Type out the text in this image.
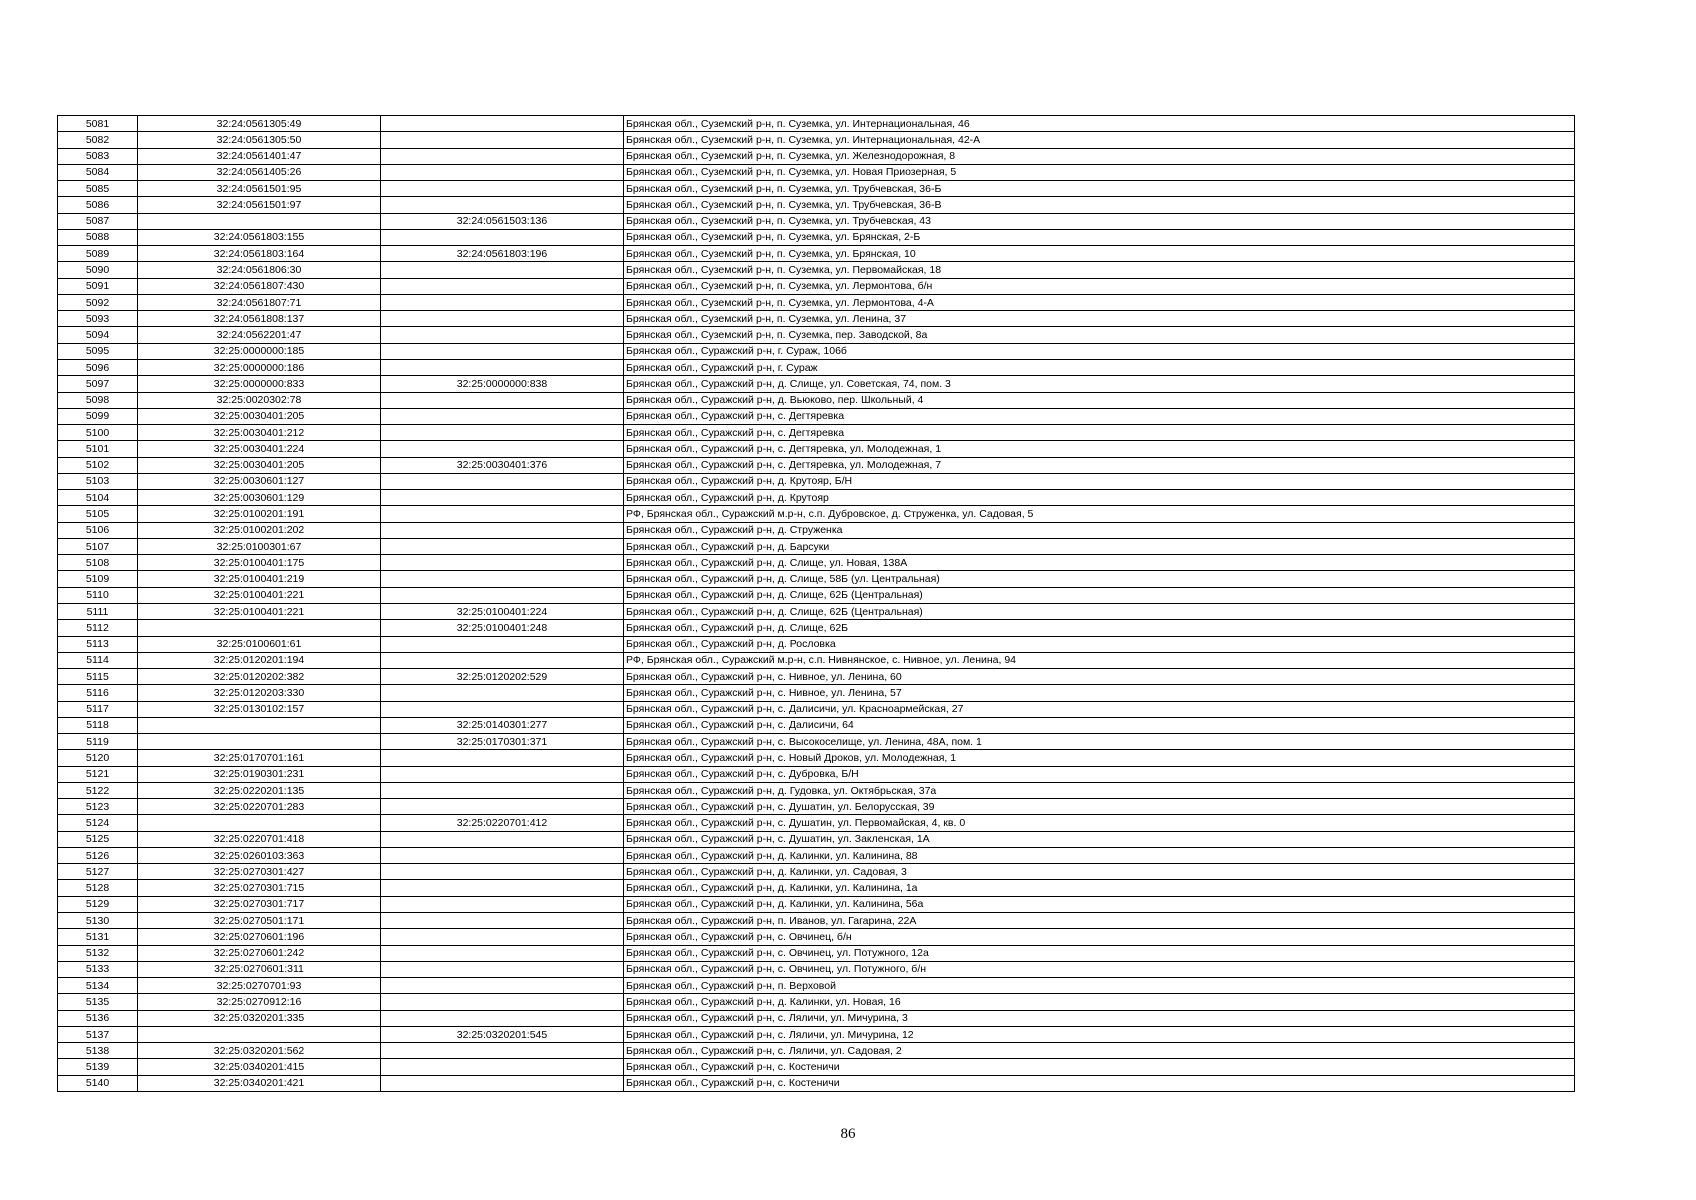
5081	32:24:0561305:49		Брянская обл., Суземский р-н, п. Суземка, ул. Интернациональная, 46
5082	32:24:0561305:50		Брянская обл., Суземский р-н, п. Суземка, ул. Интернациональная, 42-А
5083	32:24:0561401:47		Брянская обл., Суземский р-н, п. Суземка, ул. Железнодорожная, 8
5084	32:24:0561405:26		Брянская обл., Суземский р-н, п. Суземка, ул. Новая Приозерная, 5
5085	32:24:0561501:95		Брянская обл., Суземский р-н, п. Суземка, ул. Трубчевская, 36-Б
5086	32:24:0561501:97		Брянская обл., Суземский р-н, п. Суземка, ул. Трубчевская, 36-В
5087		32:24:0561503:136	Брянская обл., Суземский р-н, п. Суземка, ул. Трубчевская, 43
5088	32:24:0561803:155		Брянская обл., Суземский р-н, п. Суземка, ул. Брянская, 2-Б
5089	32:24:0561803:164	32:24:0561803:196	Брянская обл., Суземский р-н, п. Суземка, ул. Брянская, 10
5090	32:24:0561806:30		Брянская обл., Суземский р-н, п. Суземка, ул. Первомайская, 18
5091	32:24:0561807:430		Брянская обл., Суземский р-н, п. Суземка, ул. Лермонтова, б/н
5092	32:24:0561807:71		Брянская обл., Суземский р-н, п. Суземка, ул. Лермонтова, 4-А
5093	32:24:0561808:137		Брянская обл., Суземский р-н, п. Суземка, ул. Ленина, 37
5094	32:24:0562201:47		Брянская обл., Суземский р-н, п. Суземка, пер. Заводской, 8а
5095	32:25:0000000:185		Брянская обл., Суражский р-н, г. Сураж, 106б
5096	32:25:0000000:186		Брянская обл., Суражский р-н, г. Сураж
5097	32:25:0000000:833	32:25:0000000:838	Брянская обл., Суражский р-н, д. Слище, ул. Советская, 74, пом. 3
5098	32:25:0020302:78		Брянская обл., Суражский р-н, д. Вьюково, пер. Школьный, 4
5099	32:25:0030401:205		Брянская обл., Суражский р-н, с. Дегтяревка
5100	32:25:0030401:212		Брянская обл., Суражский р-н, с. Дегтяревка
5101	32:25:0030401:224		Брянская обл., Суражский р-н, с. Дегтяревка, ул. Молодежная, 1
5102	32:25:0030401:205	32:25:0030401:376	Брянская обл., Суражский р-н, с. Дегтяревка, ул. Молодежная, 7
5103	32:25:0030601:127		Брянская обл., Суражский р-н, д. Крутояр, Б/Н
5104	32:25:0030601:129		Брянская обл., Суражский р-н, д. Крутояр
5105	32:25:0100201:191		РФ, Брянская обл., Суражский м.р-н, с.п. Дубровское, д. Струженка, ул. Садовая, 5
5106	32:25:0100201:202		Брянская обл., Суражский р-н, д. Струженка
5107	32:25:0100301:67		Брянская обл., Суражский р-н, д. Барсуки
5108	32:25:0100401:175		Брянская обл., Суражский р-н, д. Слище, ул. Новая, 138А
5109	32:25:0100401:219		Брянская обл., Суражский р-н, д. Слище, 58Б (ул. Центральная)
5110	32:25:0100401:221		Брянская обл., Суражский р-н, д. Слище, 62Б (Центральная)
5111	32:25:0100401:221	32:25:0100401:224	Брянская обл., Суражский р-н, д. Слище, 62Б (Центральная)
5112		32:25:0100401:248	Брянская обл., Суражский р-н, д. Слище, 62Б
5113	32:25:0100601:61		Брянская обл., Суражский р-н, д. Рословка
5114	32:25:0120201:194		РФ, Брянская обл., Суражский м.р-н, с.п. Нивнянское, с. Нивное, ул. Ленина, 94
5115	32:25:0120202:382	32:25:0120202:529	Брянская обл., Суражский р-н, с. Нивное, ул. Ленина, 60
5116	32:25:0120203:330		Брянская обл., Суражский р-н, с. Нивное, ул. Ленина, 57
5117	32:25:0130102:157		Брянская обл., Суражский р-н, с. Далисичи, ул. Красноармейская, 27
5118		32:25:0140301:277	Брянская обл., Суражский р-н, с. Далисичи, 64
5119		32:25:0170301:371	Брянская обл., Суражский р-н, с. Высокоселище, ул. Ленина, 48А, пом. 1
5120	32:25:0170701:161		Брянская обл., Суражский р-н, с. Новый Дроков, ул. Молодежная, 1
5121	32:25:0190301:231		Брянская обл., Суражский р-н, с. Дубровка, Б/Н
5122	32:25:0220201:135		Брянская обл., Суражский р-н, д. Гудовка, ул. Октябрьская, 37а
5123	32:25:0220701:283		Брянская обл., Суражский р-н, с. Душатин, ул. Белорусская, 39
5124		32:25:0220701:412	Брянская обл., Суражский р-н, с. Душатин, ул. Первомайская, 4, кв. 0
5125	32:25:0220701:418		Брянская обл., Суражский р-н, с. Душатин, ул. Закленская, 1А
5126	32:25:0260103:363		Брянская обл., Суражский р-н, д. Калинки, ул. Калинина, 88
5127	32:25:0270301:427		Брянская обл., Суражский р-н, д. Калинки, ул. Садовая, 3
5128	32:25:0270301:715		Брянская обл., Суражский р-н, д. Калинки, ул. Калинина, 1а
5129	32:25:0270301:717		Брянская обл., Суражский р-н, д. Калинки, ул. Калинина, 56а
5130	32:25:0270501:171		Брянская обл., Суражский р-н, п. Иванов, ул. Гагарина, 22А
5131	32:25:0270601:196		Брянская обл., Суражский р-н, с. Овчинец, б/н
5132	32:25:0270601:242		Брянская обл., Суражский р-н, с. Овчинец, ул. Потужного, 12а
5133	32:25:0270601:311		Брянская обл., Суражский р-н, с. Овчинец, ул. Потужного, б/н
5134	32:25:0270701:93		Брянская обл., Суражский р-н, п. Верховой
5135	32:25:0270912:16		Брянская обл., Суражский р-н, д. Калинки, ул. Новая, 16
5136	32:25:0320201:335		Брянская обл., Суражский р-н, с. Ляличи, ул. Мичурина, 3
5137		32:25:0320201:545	Брянская обл., Суражский р-н, с. Ляличи, ул. Мичурина, 12
5138	32:25:0320201:562		Брянская обл., Суражский р-н, с. Ляличи, ул. Садовая, 2
5139	32:25:0340201:415		Брянская обл., Суражский р-н, с. Костеничи
5140	32:25:0340201:421		Брянская обл., Суражский р-н, с. Костеничи
86
